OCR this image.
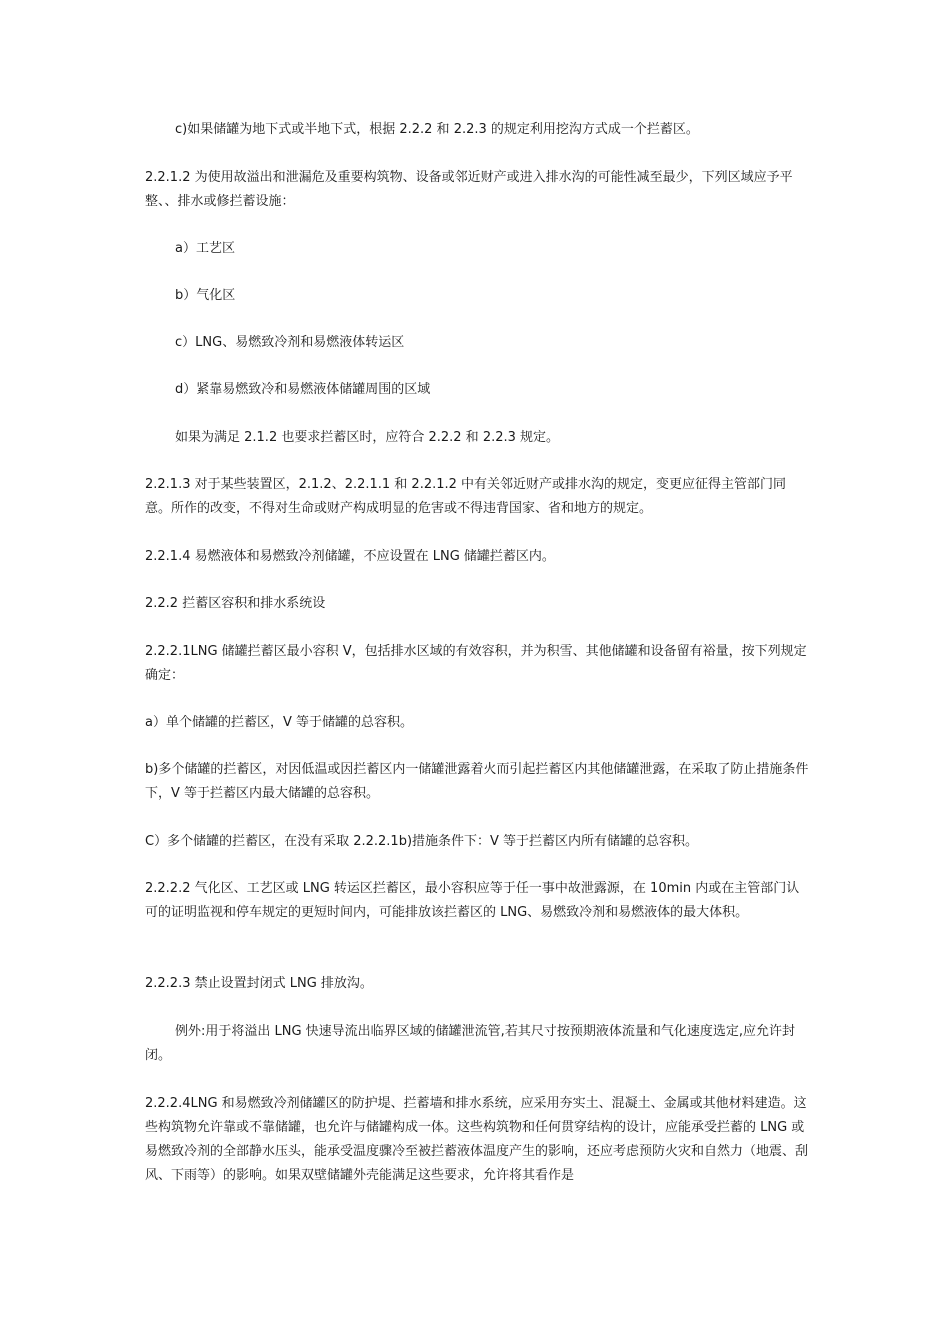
c)如果储罐为地下式或半地下式，根据 2.2.2 和 2.2.3 的规定利用挖沟方式成一个拦蓄区。

2.2.1.2 为使用故溢出和泄漏危及重要构筑物、设备或邻近财产或进入排水沟的可能性减至最少，下列区域应予平整、、排水或修拦蓄设施：

a）工艺区

b）气化区

c）LNG、易燃致冷剂和易燃液体转运区

d）紧靠易燃致冷和易燃液体储罐周围的区域

如果为满足 2.1.2 也要求拦蓄区时，应符合 2.2.2 和 2.2.3 规定。

2.2.1.3 对于某些装置区，2.1.2、2.2.1.1 和 2.2.1.2 中有关邻近财产或排水沟的规定，变更应征得主管部门同意。所作的改变，不得对生命或财产构成明显的危害或不得违背国家、省和地方的规定。

2.2.1.4 易燃液体和易燃致冷剂储罐，不应设置在 LNG 储罐拦蓄区内。

2.2.2 拦蓄区容积和排水系统设

2.2.2.1LNG 储罐拦蓄区最小容积 V，包括排水区域的有效容积，并为积雪、其他储罐和设备留有裕量，按下列规定确定：

a）单个储罐的拦蓄区，V 等于储罐的总容积。

b)多个储罐的拦蓄区，对因低温或因拦蓄区内一储罐泄露着火而引起拦蓄区内其他储罐泄露，在采取了防止措施条件下，V 等于拦蓄区内最大储罐的总容积。

C）多个储罐的拦蓄区，在没有采取 2.2.2.1b)措施条件下：V 等于拦蓄区内所有储罐的总容积。

2.2.2.2 气化区、工艺区或 LNG 转运区拦蓄区，最小容积应等于任一事中故泄露源，在 10min 内或在主管部门认可的证明监视和停车规定的更短时间内，可能排放该拦蓄区的 LNG、易燃致冷剂和易燃液体的最大体积。

2.2.2.3 禁止设置封闭式 LNG 排放沟。

例外:用于将溢出 LNG 快速导流出临界区域的储罐泄流管,若其尺寸按预期液体流量和气化速度选定,应允许封闭。

2.2.2.4LNG 和易燃致冷剂储罐区的防护堤、拦蓄墙和排水系统，应采用夯实土、混凝土、金属或其他材料建造。这些构筑物允许靠或不靠储罐，也允许与储罐构成一体。这些构筑物和任何贯穿结构的设计，应能承受拦蓄的 LNG 或易燃致冷剂的全部静水压头，能承受温度骤冷至被拦蓄液体温度产生的影响，还应考虑预防火灾和自然力（地震、刮风、下雨等）的影响。如果双壁储罐外壳能满足这些要求，允许将其看作是
